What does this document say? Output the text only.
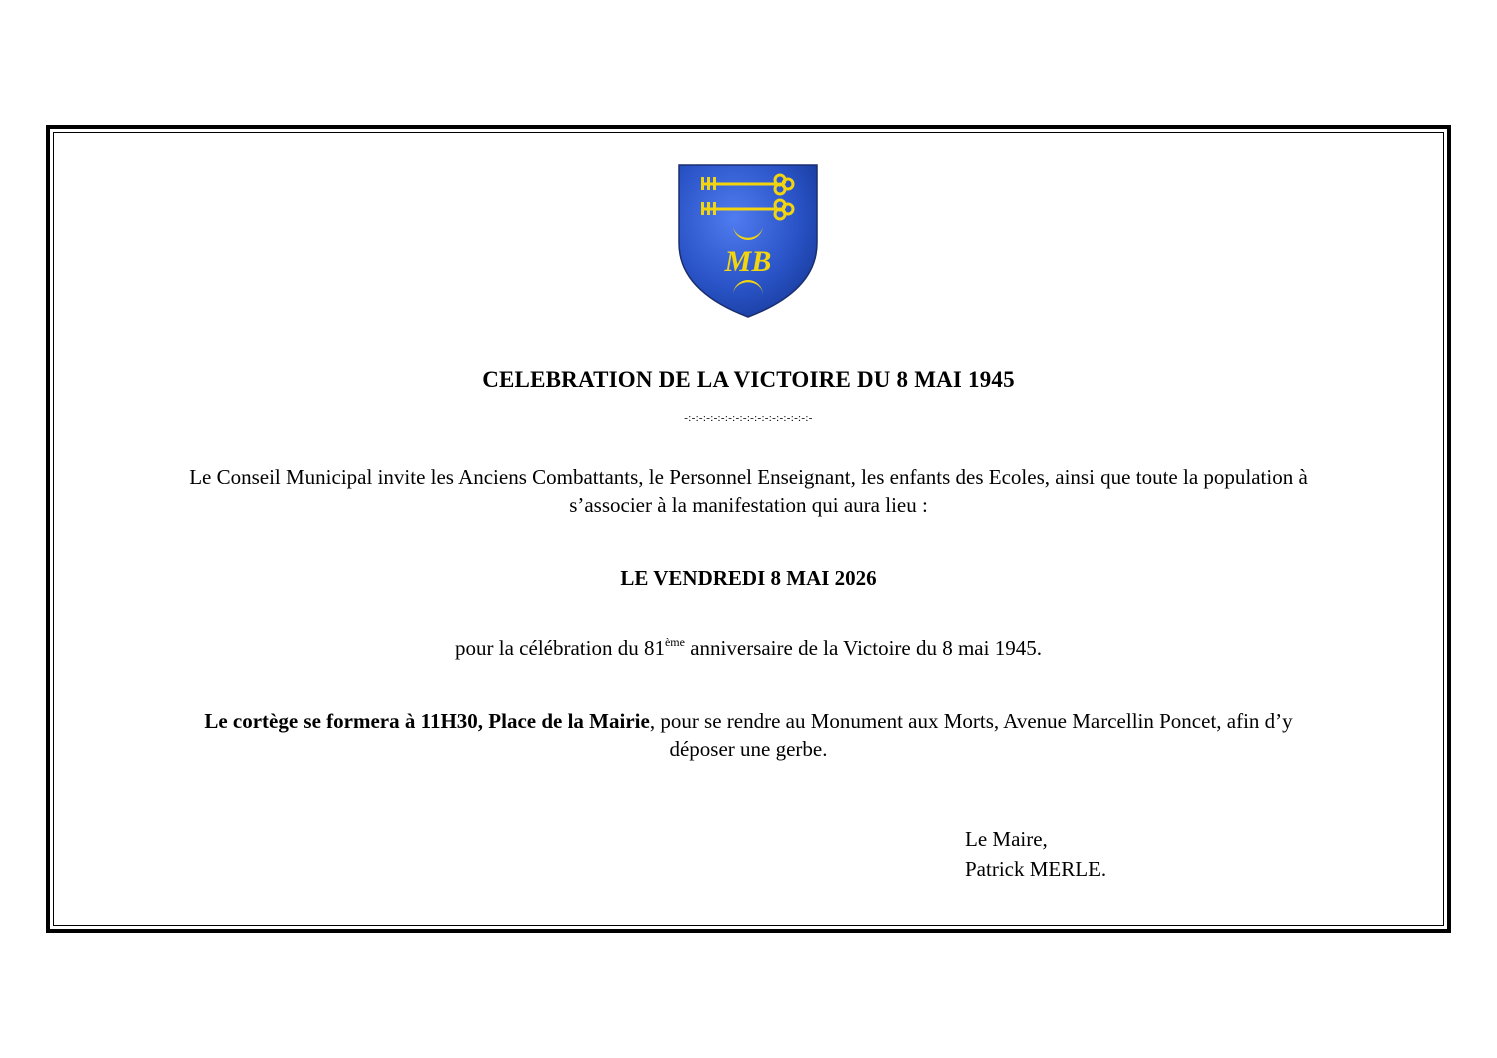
MB
CELEBRATION DE LA VICTOIRE DU 8 MAI 1945
-:-:-:-:-:-:-:-:-:-:-:-:-:-:-:-:-:-
Le Conseil Municipal invite les Anciens Combattants, le Personnel Enseignant, les enfants des Ecoles, ainsi que toute la population à
s’associer à la manifestation qui aura lieu :
LE VENDREDI 8 MAI 2026
pour la célébration du 81ème anniversaire de la Victoire du 8 mai 1945.
Le cortège se formera à 11H30, Place de la Mairie, pour se rendre au Monument aux Morts, Avenue Marcellin Poncet, afin d’y
déposer une gerbe.
Le Maire,
Patrick MERLE.
